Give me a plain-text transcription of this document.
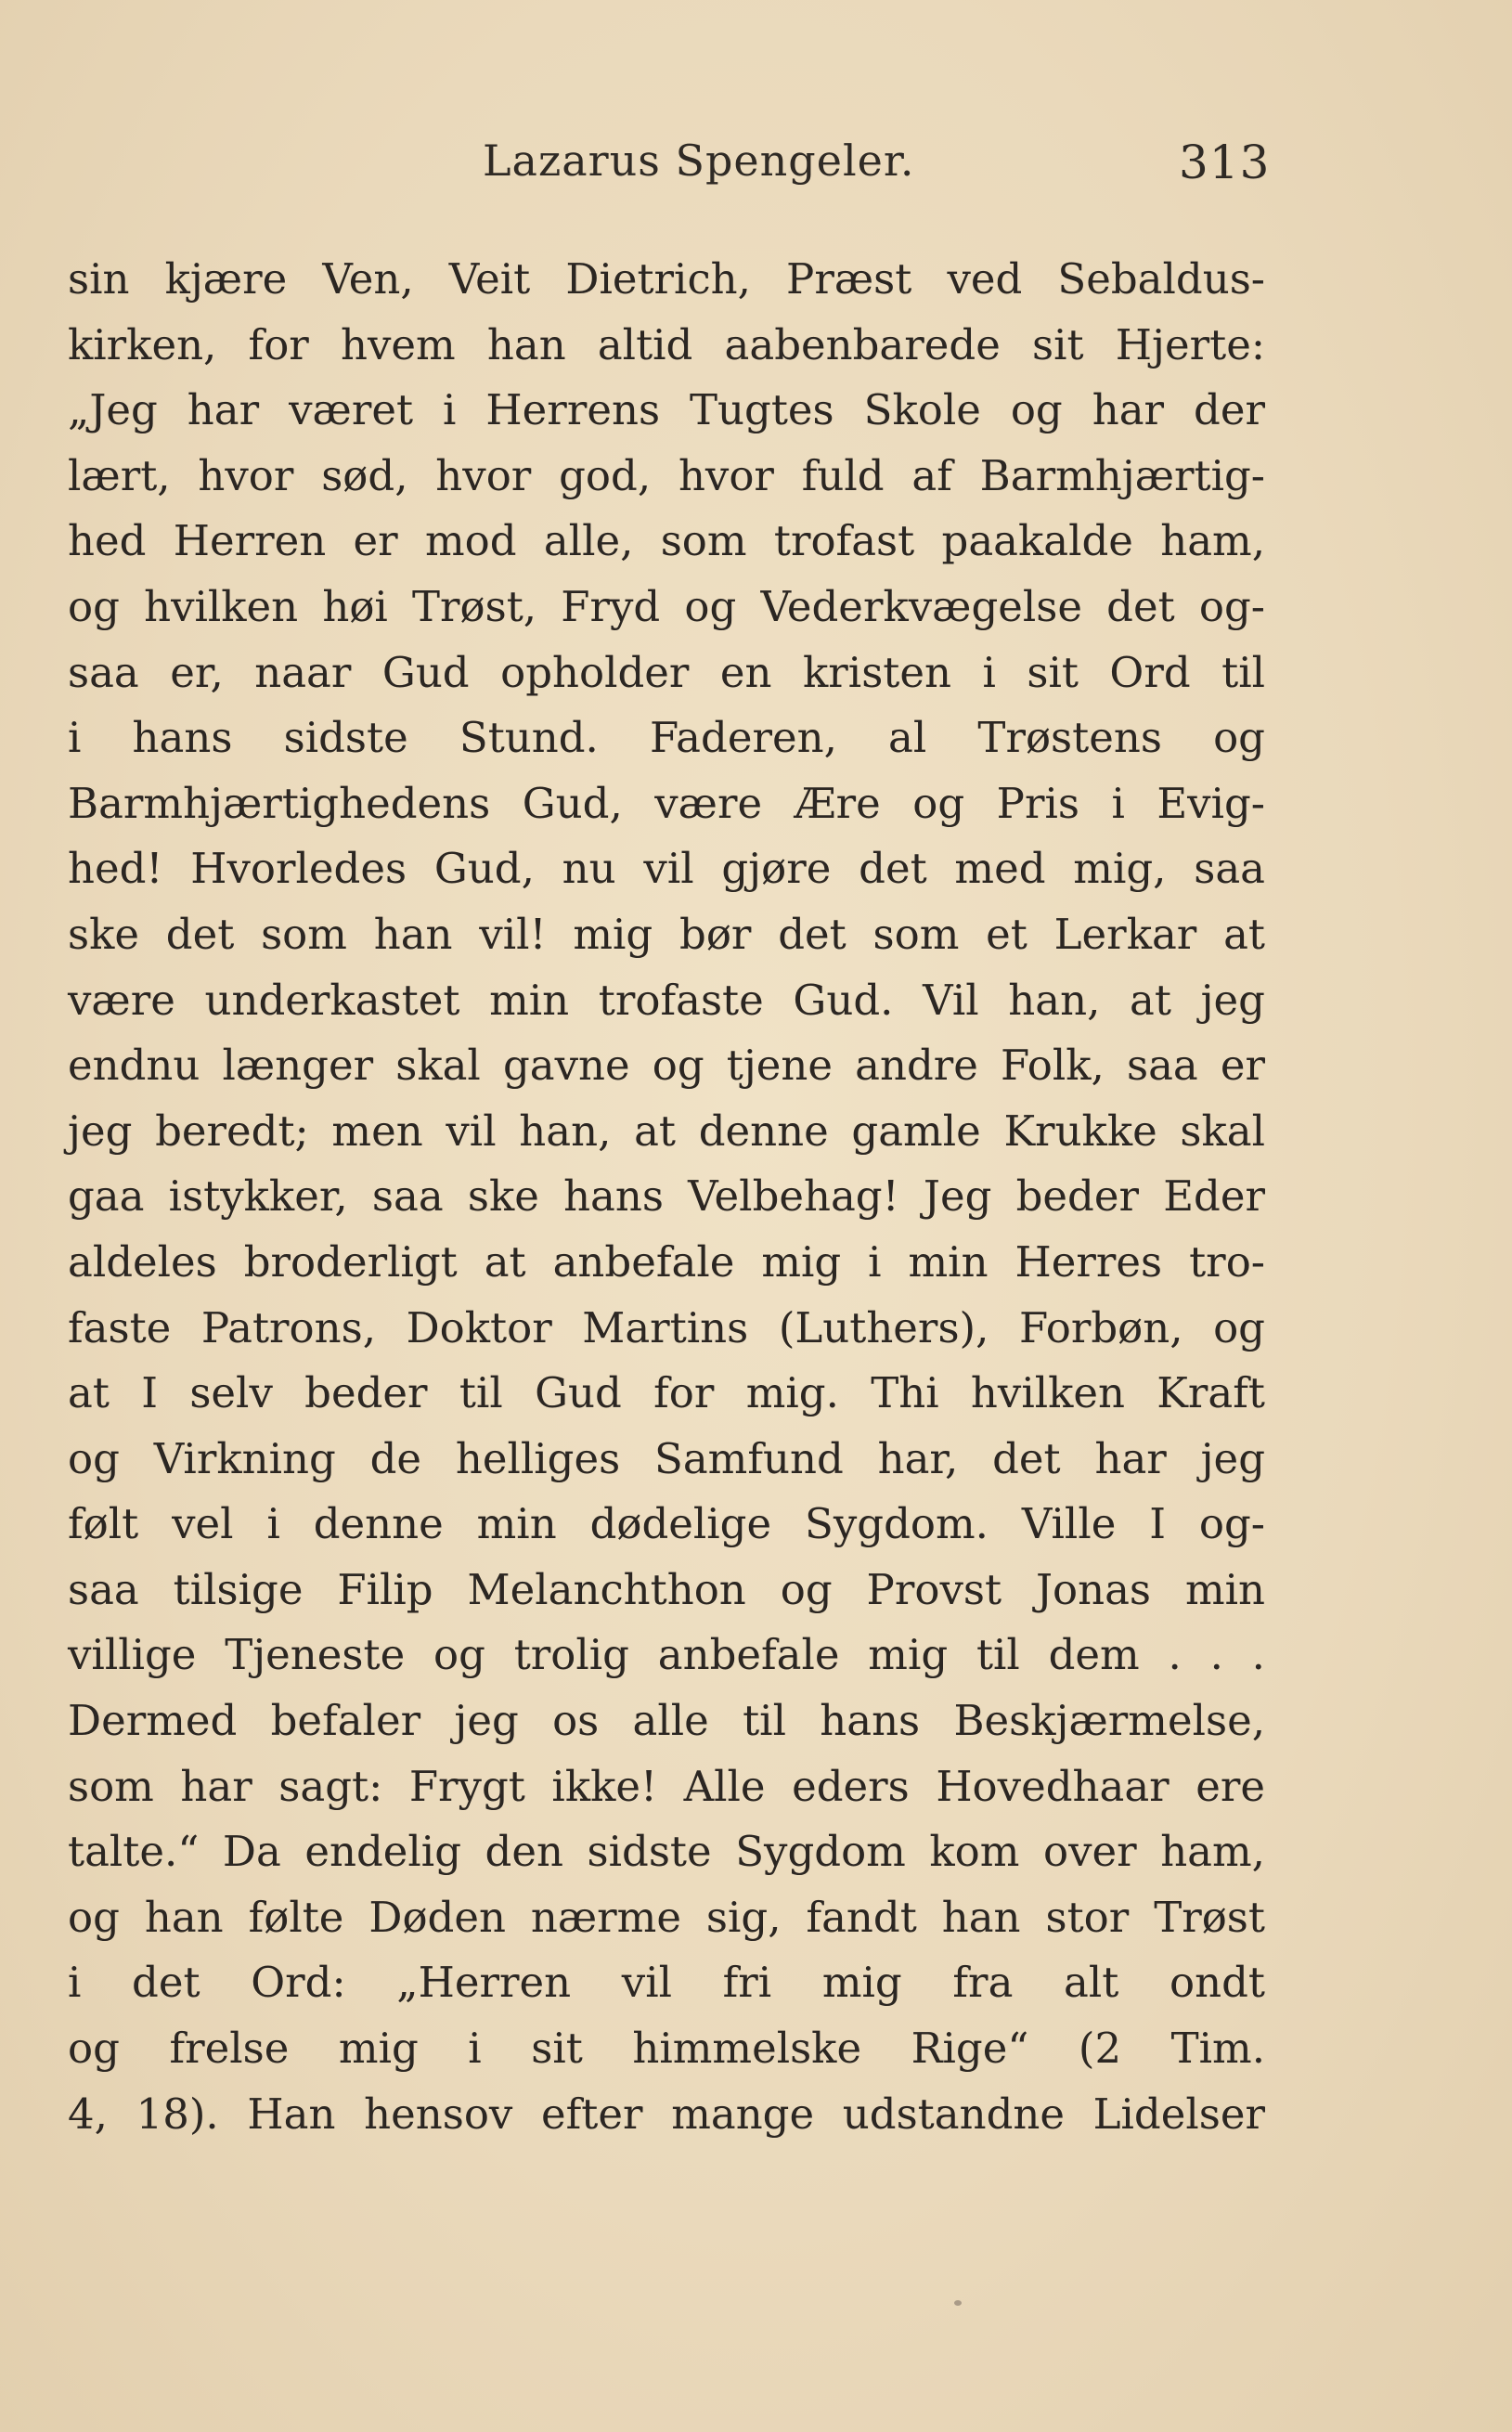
Lazarus Spengeler.	313
sin kjære Ven, Veit Dietrich, Præst ved Sebaldus-
kirken, for hvem han altid aabenbarede sit Hjerte:
„Jeg har været i Herrens Tugtes Skole og har der
lært, hvor sød, hvor god, hvor fuld af Barmhjærtig-
hed Herren er mod alle, som trofast paakalde ham,
og hvilken høi Trøst, Fryd og Vederkvægelse det og-
saa er, naar Gud opholder en kristen i sit Ord til
i hans sidste Stund. Faderen, al Trøstens og
Barmhjærtighedens Gud, være Ære og Pris i Evig-
hed! Hvorledes Gud, nu vil gjøre det med mig, saa
ske det som han vil! mig bør det som et Lerkar at
være underkastet min trofaste Gud. Vil han, at jeg
endnu længer skal gavne og tjene andre Folk, saa er
jeg beredt; men vil han, at denne gamle Krukke skal
gaa istykker, saa ske hans Velbehag! Jeg beder Eder
aldeles broderligt at anbefale mig i min Herres tro-
faste Patrons, Doktor Martins (Luthers), Forbøn, og
at I selv beder til Gud for mig. Thi hvilken Kraft
og Virkning de helliges Samfund har, det har jeg
følt vel i denne min dødelige Sygdom. Ville I og-
saa tilsige Filip Melanchthon og Provst Jonas min
villige Tjeneste og trolig anbefale mig til dem . . .
Dermed befaler jeg os alle til hans Beskjærmelse,
som har sagt: Frygt ikke! Alle eders Hovedhaar ere
talte.“ Da endelig den sidste Sygdom kom over ham,
og han følte Døden nærme sig, fandt han stor Trøst
i det Ord: „Herren vil fri mig fra alt ondt
og frelse mig i sit himmelske Rige“ (2 Tim.
4, 18). Han hensov efter mange udstandne Lidelser
